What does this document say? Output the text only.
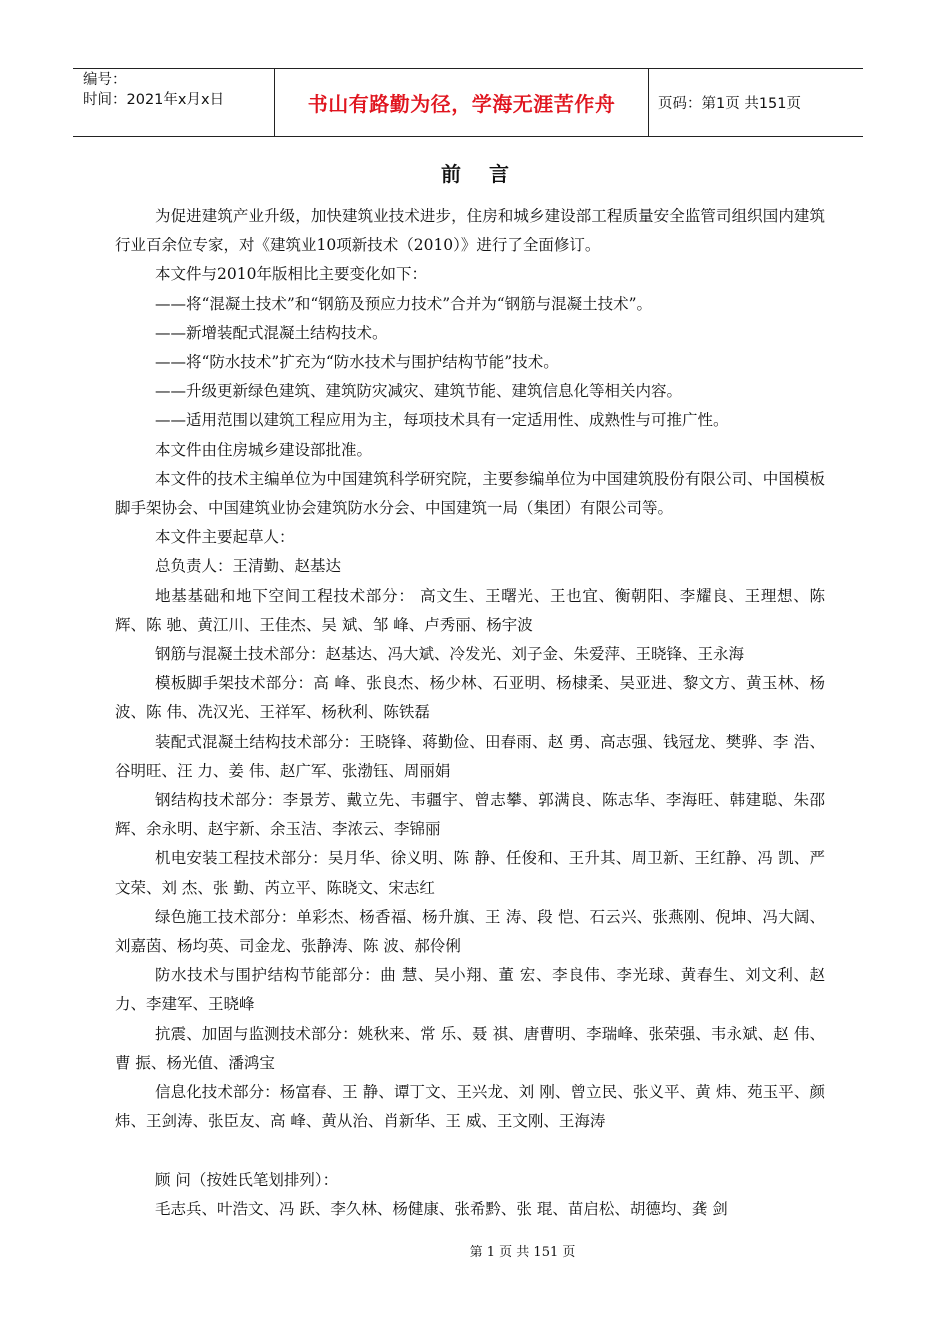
编号：
时间：2021年x月x日	书山有路勤为径，学海无涯苦作舟	页码：第1页 共151页
前言

为促进建筑产业升级，加快建筑业技术进步，住房和城乡建设部工程质量安全监管司组织国内建筑行业百余位专家，对《建筑业10项新技术（2010）》进行了全面修订。

本文件与2010年版相比主要变化如下：

——将“混凝土技术”和“钢筋及预应力技术”合并为“钢筋与混凝土技术”。

——新增装配式混凝土结构技术。

——将“防水技术”扩充为“防水技术与围护结构节能”技术。

——升级更新绿色建筑、建筑防灾减灾、建筑节能、建筑信息化等相关内容。

——适用范围以建筑工程应用为主，每项技术具有一定适用性、成熟性与可推广性。

本文件由住房城乡建设部批准。

本文件的技术主编单位为中国建筑科学研究院，主要参编单位为中国建筑股份有限公司、中国模板脚手架协会、中国建筑业协会建筑防水分会、中国建筑一局（集团）有限公司等。

本文件主要起草人：

总负责人：王清勤、赵基达

地基基础和地下空间工程技术部分： 高文生、王曙光、王也宜、衡朝阳、李耀良、王理想、陈 辉、陈 驰、黄江川、王佳杰、吴 斌、邹 峰、卢秀丽、杨宇波

钢筋与混凝土技术部分：赵基达、冯大斌、冷发光、刘子金、朱爱萍、王晓锋、王永海

模板脚手架技术部分：高 峰、张良杰、杨少林、石亚明、杨棣柔、吴亚进、黎文方、黄玉林、杨 波、陈 伟、冼汉光、王祥军、杨秋利、陈铁磊

装配式混凝土结构技术部分：王晓锋、蒋勤俭、田春雨、赵 勇、高志强、钱冠龙、樊骅、李 浩、谷明旺、汪 力、姜 伟、赵广军、张渤钰、周丽娟

钢结构技术部分：李景芳、戴立先、韦疆宇、曾志攀、郭满良、陈志华、李海旺、韩建聪、朱邵辉、余永明、赵宇新、余玉洁、李浓云、李锦丽

机电安装工程技术部分：吴月华、徐义明、陈 静、任俊和、王升其、周卫新、王红静、冯 凯、严文荣、刘 杰、张 勤、芮立平、陈晓文、宋志红

绿色施工技术部分：单彩杰、杨香福、杨升旗、王 涛、段 恺、石云兴、张燕刚、倪坤、冯大阔、刘嘉茵、杨均英、司金龙、张静涛、陈 波、郝伶俐

防水技术与围护结构节能部分：曲 慧、吴小翔、董 宏、李良伟、李光球、黄春生、刘文利、赵 力、李建军、王晓峰

抗震、加固与监测技术部分：姚秋来、常 乐、聂 祺、唐曹明、李瑞峰、张荣强、韦永斌、赵 伟、曹 振、杨光值、潘鸿宝

信息化技术部分：杨富春、王 静、谭丁文、王兴龙、刘 刚、曾立民、张义平、黄 炜、苑玉平、颜 炜、王剑涛、张臣友、高 峰、黄从治、肖新华、王 威、王文刚、王海涛

顾 问（按姓氏笔划排列）：

毛志兵、叶浩文、冯 跃、李久林、杨健康、张希黔、张 琨、苗启松、胡德均、龚 剑

第 1 页 共 151 页
